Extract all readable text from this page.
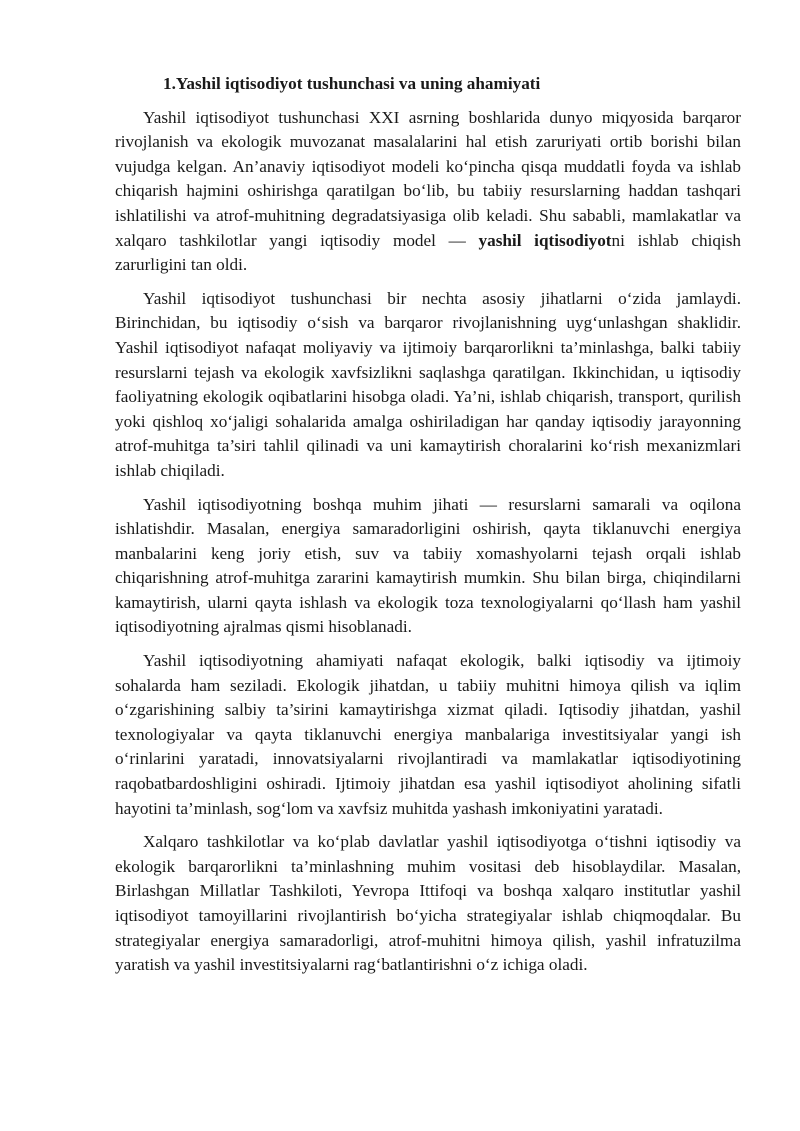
1.Yashil iqtisodiyot tushunchasi va uning ahamiyati

Yashil iqtisodiyot tushunchasi XXI asrning boshlarida dunyo miqyosida barqaror rivojlanish va ekologik muvozanat masalalarini hal etish zaruriyati ortib borishi bilan vujudga kelgan. An’anaviy iqtisodiyot modeli ko‘pincha qisqa muddatli foyda va ishlab chiqarish hajmini oshirishga qaratilgan bo‘lib, bu tabiiy resurslarning haddan tashqari ishlatilishi va atrof-muhitning degradatsiyasiga olib keladi. Shu sababli, mamlakatlar va xalqaro tashkilotlar yangi iqtisodiy model — yashil iqtisodiyotni ishlab chiqish zarurligini tan oldi.

Yashil iqtisodiyot tushunchasi bir nechta asosiy jihatlarni o‘zida jamlaydi. Birinchidan, bu iqtisodiy o‘sish va barqaror rivojlanishning uyg‘unlashgan shaklidir. Yashil iqtisodiyot nafaqat moliyaviy va ijtimoiy barqarorlikni ta’minlashga, balki tabiiy resurslarni tejash va ekologik xavfsizlikni saqlashga qaratilgan. Ikkinchidan, u iqtisodiy faoliyatning ekologik oqibatlarini hisobga oladi. Ya’ni, ishlab chiqarish, transport, qurilish yoki qishloq xo‘jaligi sohalarida amalga oshiriladigan har qanday iqtisodiy jarayonning atrof-muhitga ta’siri tahlil qilinadi va uni kamaytirish choralarini ko‘rish mexanizmlari ishlab chiqiladi.

Yashil iqtisodiyotning boshqa muhim jihati — resurslarni samarali va oqilona ishlatishdir. Masalan, energiya samaradorligini oshirish, qayta tiklanuvchi energiya manbalarini keng joriy etish, suv va tabiiy xomashyolarni tejash orqali ishlab chiqarishning atrof-muhitga zararini kamaytirish mumkin. Shu bilan birga, chiqindilarni kamaytirish, ularni qayta ishlash va ekologik toza texnologiyalarni qo‘llash ham yashil iqtisodiyotning ajralmas qismi hisoblanadi.

Yashil iqtisodiyotning ahamiyati nafaqat ekologik, balki iqtisodiy va ijtimoiy sohalarda ham seziladi. Ekologik jihatdan, u tabiiy muhitni himoya qilish va iqlim o‘zgarishining salbiy ta’sirini kamaytirishga xizmat qiladi. Iqtisodiy jihatdan, yashil texnologiyalar va qayta tiklanuvchi energiya manbalariga investitsiyalar yangi ish o‘rinlarini yaratadi, innovatsiyalarni rivojlantiradi va mamlakatlar iqtisodiyotining raqobatbardoshligini oshiradi. Ijtimoiy jihatdan esa yashil iqtisodiyot aholining sifatli hayotini ta’minlash, sog‘lom va xavfsiz muhitda yashash imkoniyatini yaratadi.

Xalqaro tashkilotlar va ko‘plab davlatlar yashil iqtisodiyotga o‘tishni iqtisodiy va ekologik barqarorlikni ta’minlashning muhim vositasi deb hisoblaydilar. Masalan, Birlashgan Millatlar Tashkiloti, Yevropa Ittifoqi va boshqa xalqaro institutlar yashil iqtisodiyot tamoyillarini rivojlantirish bo‘yicha strategiyalar ishlab chiqmoqdalar. Bu strategiyalar energiya samaradorligi, atrof-muhitni himoya qilish, yashil infratuzilma yaratish va yashil investitsiyalarni rag‘batlantirishni o‘z ichiga oladi.
